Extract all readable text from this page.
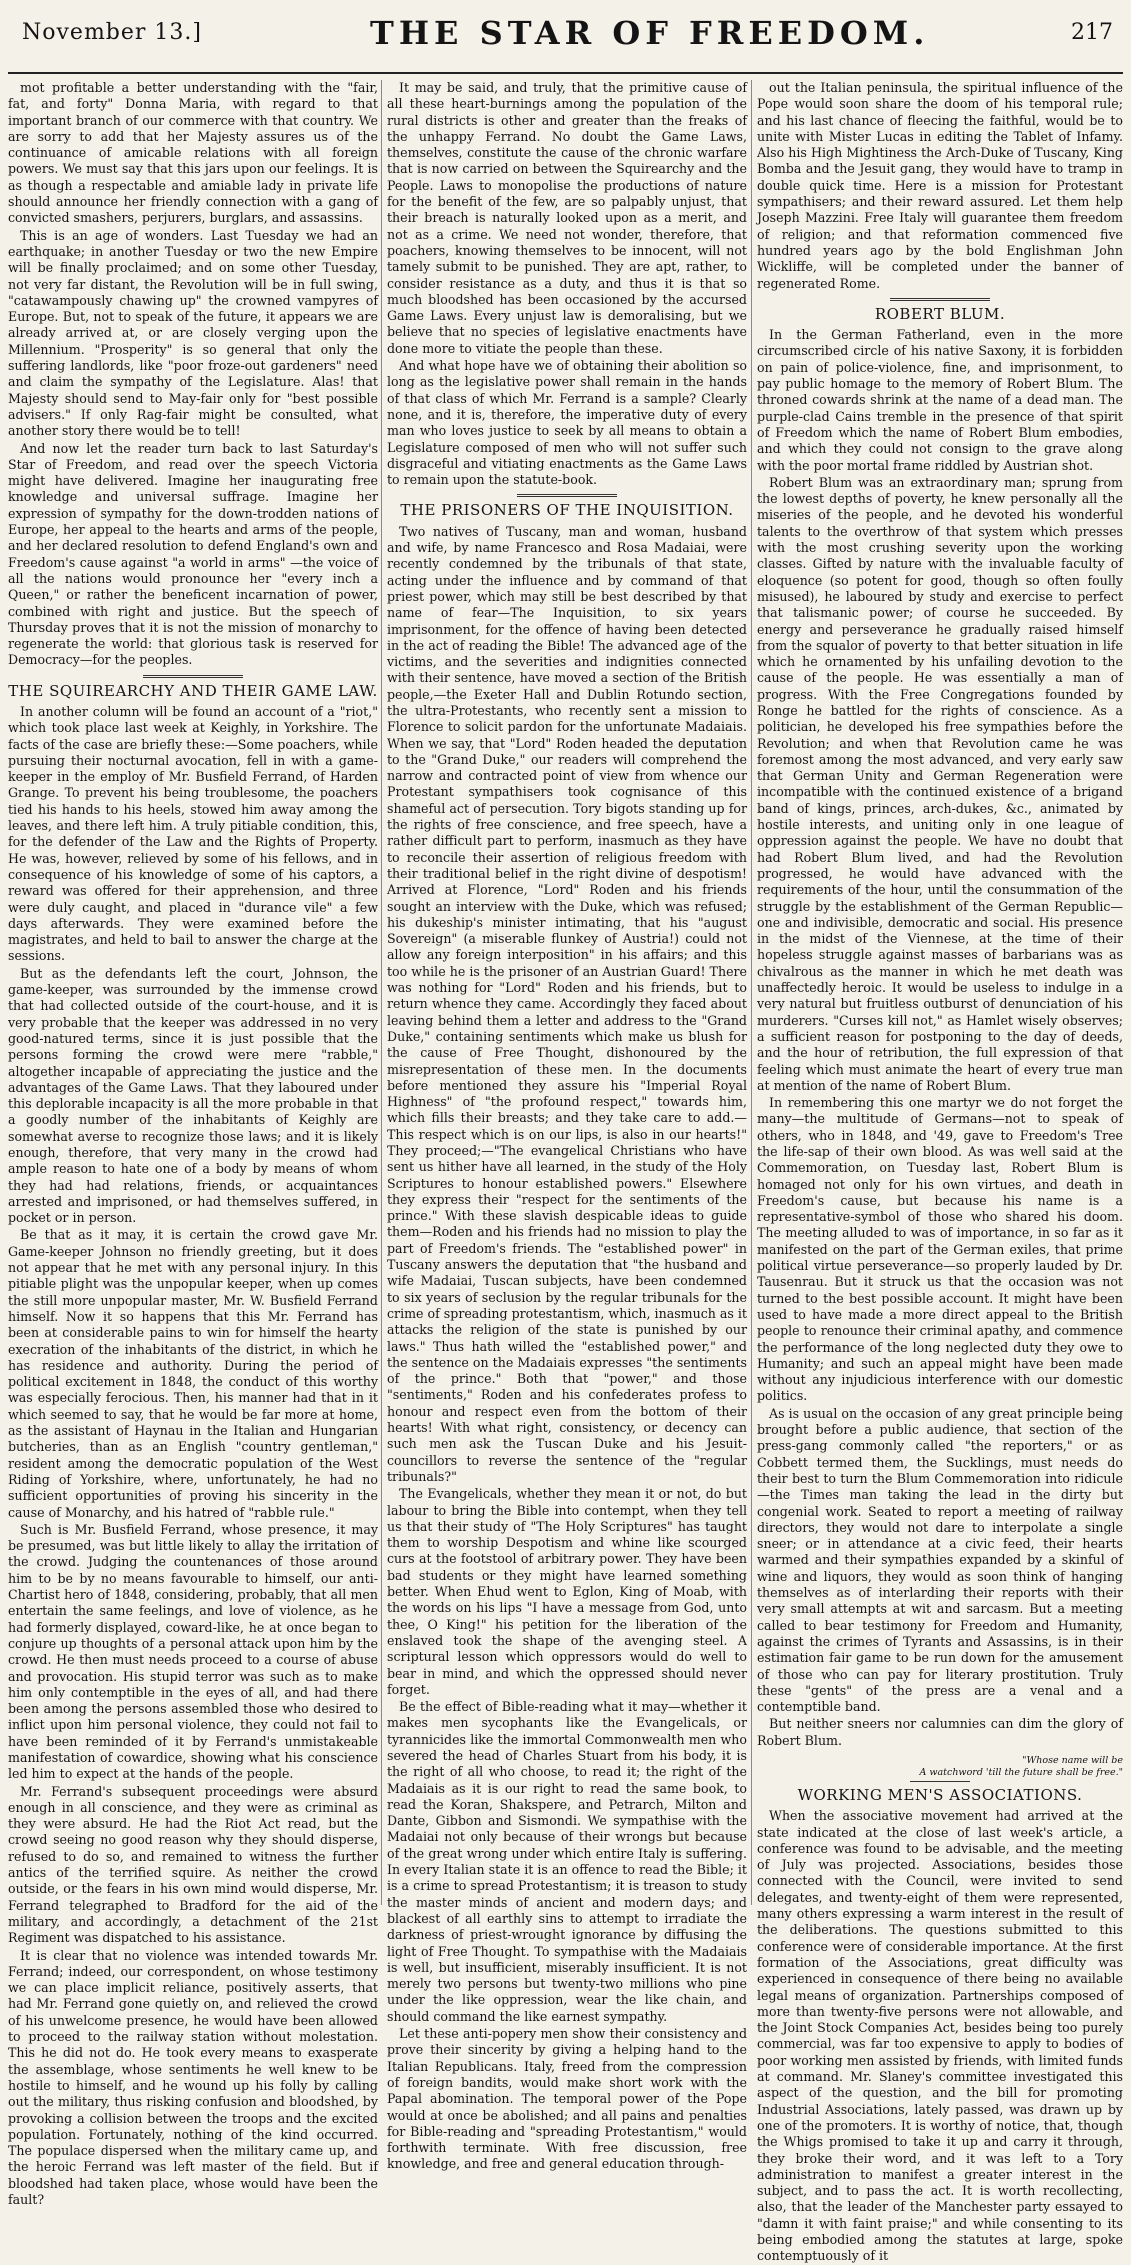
November 13.]	THE STAR OF FREEDOM.	217

mot profitable a better understanding with the "fair, fat, and forty" Donna Maria, with regard to that important branch of our commerce with that country. We are sorry to add that her Majesty assures us of the continuance of amicable relations with all foreign powers. We must say that this jars upon our feelings. It is as though a respectable and amiable lady in private life should announce her friendly connection with a gang of convicted smashers, perjurers, burglars, and assassins.

This is an age of wonders. Last Tuesday we had an earthquake; in another Tuesday or two the new Empire will be finally proclaimed; and on some other Tuesday, not very far distant, the Revolution will be in full swing, "catawampously chawing up" the crowned vampyres of Europe. But, not to speak of the future, it appears we are already arrived at, or are closely verging upon the Millennium. "Prosperity" is so general that only the suffering landlords, like "poor froze-out gardeners" need and claim the sympathy of the Legislature. Alas! that Majesty should send to May-fair only for "best possible advisers." If only Rag-fair might be consulted, what another story there would be to tell!

And now let the reader turn back to last Saturday's Star of Freedom, and read over the speech Victoria might have delivered. Imagine her inaugurating free knowledge and universal suffrage. Imagine her expression of sympathy for the down-trodden nations of Europe, her appeal to the hearts and arms of the people, and her declared resolution to defend England's own and Freedom's cause against "a world in arms" —the voice of all the nations would pronounce her "every inch a Queen," or rather the beneficent incarnation of power, combined with right and justice. But the speech of Thursday proves that it is not the mission of monarchy to regenerate the world: that glorious task is reserved for Democracy—for the peoples.

THE SQUIREARCHY AND THEIR GAME LAW.

In another column will be found an account of a "riot," which took place last week at Keighly, in Yorkshire. The facts of the case are briefly these:—Some poachers, while pursuing their nocturnal avocation, fell in with a game-keeper in the employ of Mr. Busfield Ferrand, of Harden Grange. To prevent his being troublesome, the poachers tied his hands to his heels, stowed him away among the leaves, and there left him. A truly pitiable condition, this, for the defender of the Law and the Rights of Property. He was, however, relieved by some of his fellows, and in consequence of his knowledge of some of his captors, a reward was offered for their apprehension, and three were duly caught, and placed in "durance vile" a few days afterwards. They were examined before the magistrates, and held to bail to answer the charge at the sessions.

But as the defendants left the court, Johnson, the game-keeper, was surrounded by the immense crowd that had collected outside of the court-house, and it is very probable that the keeper was addressed in no very good-natured terms, since it is just possible that the persons forming the crowd were mere "rabble," altogether incapable of appreciating the justice and the advantages of the Game Laws. That they laboured under this deplorable incapacity is all the more probable in that a goodly number of the inhabitants of Keighly are somewhat averse to recognize those laws; and it is likely enough, therefore, that very many in the crowd had ample reason to hate one of a body by means of whom they had had relations, friends, or acquaintances arrested and imprisoned, or had themselves suffered, in pocket or in person.

Be that as it may, it is certain the crowd gave Mr. Game-keeper Johnson no friendly greeting, but it does not appear that he met with any personal injury. In this pitiable plight was the unpopular keeper, when up comes the still more unpopular master, Mr. W. Busfield Ferrand himself. Now it so happens that this Mr. Ferrand has been at considerable pains to win for himself the hearty execration of the inhabitants of the district, in which he has residence and authority. During the period of political excitement in 1848, the conduct of this worthy was especially ferocious. Then, his manner had that in it which seemed to say, that he would be far more at home, as the assistant of Haynau in the Italian and Hungarian butcheries, than as an English "country gentleman," resident among the democratic population of the West Riding of Yorkshire, where, unfortunately, he had no sufficient opportunities of proving his sincerity in the cause of Monarchy, and his hatred of "rabble rule."

Such is Mr. Busfield Ferrand, whose presence, it may be presumed, was but little likely to allay the irritation of the crowd. Judging the countenances of those around him to be by no means favourable to himself, our anti-Chartist hero of 1848, considering, probably, that all men entertain the same feelings, and love of violence, as he had formerly displayed, coward-like, he at once began to conjure up thoughts of a personal attack upon him by the crowd. He then must needs proceed to a course of abuse and provocation. His stupid terror was such as to make him only contemptible in the eyes of all, and had there been among the persons assembled those who desired to inflict upon him personal violence, they could not fail to have been reminded of it by Ferrand's unmistakeable manifestation of cowardice, showing what his conscience led him to expect at the hands of the people.

Mr. Ferrand's subsequent proceedings were absurd enough in all conscience, and they were as criminal as they were absurd. He had the Riot Act read, but the crowd seeing no good reason why they should disperse, refused to do so, and remained to witness the further antics of the terrified squire. As neither the crowd outside, or the fears in his own mind would disperse, Mr. Ferrand telegraphed to Bradford for the aid of the military, and accordingly, a detachment of the 21st Regiment was dispatched to his assistance.

It is clear that no violence was intended towards Mr. Ferrand; indeed, our correspondent, on whose testimony we can place implicit reliance, positively asserts, that had Mr. Ferrand gone quietly on, and relieved the crowd of his unwelcome presence, he would have been allowed to proceed to the railway station without molestation. This he did not do. He took every means to exasperate the assemblage, whose sentiments he well knew to be hostile to himself, and he wound up his folly by calling out the military, thus risking confusion and bloodshed, by provoking a collision between the troops and the excited population. Fortunately, nothing of the kind occurred. The populace dispersed when the military came up, and the heroic Ferrand was left master of the field. But if bloodshed had taken place, whose would have been the fault?

It may be said, and truly, that the primitive cause of all these heart-burnings among the population of the rural districts is other and greater than the freaks of the unhappy Ferrand. No doubt the Game Laws, themselves, constitute the cause of the chronic warfare that is now carried on between the Squirearchy and the People. Laws to monopolise the productions of nature for the benefit of the few, are so palpably unjust, that their breach is naturally looked upon as a merit, and not as a crime. We need not wonder, therefore, that poachers, knowing themselves to be innocent, will not tamely submit to be punished. They are apt, rather, to consider resistance as a duty, and thus it is that so much bloodshed has been occasioned by the accursed Game Laws. Every unjust law is demoralising, but we believe that no species of legislative enactments have done more to vitiate the people than these.

And what hope have we of obtaining their abolition so long as the legislative power shall remain in the hands of that class of which Mr. Ferrand is a sample? Clearly none, and it is, therefore, the imperative duty of every man who loves justice to seek by all means to obtain a Legislature composed of men who will not suffer such disgraceful and vitiating enactments as the Game Laws to remain upon the statute-book.

THE PRISONERS OF THE INQUISITION.

Two natives of Tuscany, man and woman, husband and wife, by name Francesco and Rosa Madaiai, were recently condemned by the tribunals of that state, acting under the influence and by command of that priest power, which may still be best described by that name of fear—The Inquisition, to six years imprisonment, for the offence of having been detected in the act of reading the Bible! The advanced age of the victims, and the severities and indignities connected with their sentence, have moved a section of the British people,—the Exeter Hall and Dublin Rotundo section, the ultra-Protestants, who recently sent a mission to Florence to solicit pardon for the unfortunate Madaiais. When we say, that "Lord" Roden headed the deputation to the "Grand Duke," our readers will comprehend the narrow and contracted point of view from whence our Protestant sympathisers took cognisance of this shameful act of persecution. Tory bigots standing up for the rights of free conscience, and free speech, have a rather difficult part to perform, inasmuch as they have to reconcile their assertion of religious freedom with their traditional belief in the right divine of despotism! Arrived at Florence, "Lord" Roden and his friends sought an interview with the Duke, which was refused; his dukeship's minister intimating, that his "august Sovereign" (a miserable flunkey of Austria!) could not allow any foreign interposition" in his affairs; and this too while he is the prisoner of an Austrian Guard! There was nothing for "Lord" Roden and his friends, but to return whence they came. Accordingly they faced about leaving behind them a letter and address to the "Grand Duke," containing sentiments which make us blush for the cause of Free Thought, dishonoured by the misrepresentation of these men. In the documents before mentioned they assure his "Imperial Royal Highness" of "the profound respect," towards him, which fills their breasts; and they take care to add.—This respect which is on our lips, is also in our hearts!" They proceed;—"The evangelical Christians who have sent us hither have all learned, in the study of the Holy Scriptures to honour established powers." Elsewhere they express their "respect for the sentiments of the prince." With these slavish despicable ideas to guide them—Roden and his friends had no mission to play the part of Freedom's friends. The "established power" in Tuscany answers the deputation that "the husband and wife Madaiai, Tuscan subjects, have been condemned to six years of seclusion by the regular tribunals for the crime of spreading protestantism, which, inasmuch as it attacks the religion of the state is punished by our laws." Thus hath willed the "established power," and the sentence on the Madaiais expresses "the sentiments of the prince." Both that "power," and those "sentiments," Roden and his confederates profess to honour and respect even from the bottom of their hearts! With what right, consistency, or decency can such men ask the Tuscan Duke and his Jesuit-councillors to reverse the sentence of the "regular tribunals?"

The Evangelicals, whether they mean it or not, do but labour to bring the Bible into contempt, when they tell us that their study of "The Holy Scriptures" has taught them to worship Despotism and whine like scourged curs at the footstool of arbitrary power. They have been bad students or they might have learned something better. When Ehud went to Eglon, King of Moab, with the words on his lips "I have a message from God, unto thee, O King!" his petition for the liberation of the enslaved took the shape of the avenging steel. A scriptural lesson which oppressors would do well to bear in mind, and which the oppressed should never forget.

Be the effect of Bible-reading what it may—whether it makes men sycophants like the Evangelicals, or tyrannicides like the immortal Commonwealth men who severed the head of Charles Stuart from his body, it is the right of all who choose, to read it; the right of the Madaiais as it is our right to read the same book, to read the Koran, Shakspere, and Petrarch, Milton and Dante, Gibbon and Sismondi. We sympathise with the Madaiai not only because of their wrongs but because of the great wrong under which entire Italy is suffering. In every Italian state it is an offence to read the Bible; it is a crime to spread Protestantism; it is treason to study the master minds of ancient and modern days; and blackest of all earthly sins to attempt to irradiate the darkness of priest-wrought ignorance by diffusing the light of Free Thought. To sympathise with the Madaiais is well, but insufficient, miserably insufficient. It is not merely two persons but twenty-two millions who pine under the like oppression, wear the like chain, and should command the like earnest sympathy.

Let these anti-popery men show their consistency and prove their sincerity by giving a helping hand to the Italian Republicans. Italy, freed from the compression of foreign bandits, would make short work with the Papal abomination. The temporal power of the Pope would at once be abolished; and all pains and penalties for Bible-reading and "spreading Protestantism," would forthwith terminate. With free discussion, free knowledge, and free and general education through-

out the Italian peninsula, the spiritual influence of the Pope would soon share the doom of his temporal rule; and his last chance of fleecing the faithful, would be to unite with Mister Lucas in editing the Tablet of Infamy. Also his High Mightiness the Arch-Duke of Tuscany, King Bomba and the Jesuit gang, they would have to tramp in double quick time. Here is a mission for Protestant sympathisers; and their reward assured. Let them help Joseph Mazzini. Free Italy will guarantee them freedom of religion; and that reformation commenced five hundred years ago by the bold Englishman John Wickliffe, will be completed under the banner of regenerated Rome.

ROBERT BLUM.

In the German Fatherland, even in the more circumscribed circle of his native Saxony, it is forbidden on pain of police-violence, fine, and imprisonment, to pay public homage to the memory of Robert Blum. The throned cowards shrink at the name of a dead man. The purple-clad Cains tremble in the presence of that spirit of Freedom which the name of Robert Blum embodies, and which they could not consign to the grave along with the poor mortal frame riddled by Austrian shot.

Robert Blum was an extraordinary man; sprung from the lowest depths of poverty, he knew personally all the miseries of the people, and he devoted his wonderful talents to the overthrow of that system which presses with the most crushing severity upon the working classes. Gifted by nature with the invaluable faculty of eloquence (so potent for good, though so often foully misused), he laboured by study and exercise to perfect that talismanic power; of course he succeeded. By energy and perseverance he gradually raised himself from the squalor of poverty to that better situation in life which he ornamented by his unfailing devotion to the cause of the people. He was essentially a man of progress. With the Free Congregations founded by Ronge he battled for the rights of conscience. As a politician, he developed his free sympathies before the Revolution; and when that Revolution came he was foremost among the most advanced, and very early saw that German Unity and German Regeneration were incompatible with the continued existence of a brigand band of kings, princes, arch-dukes, &c., animated by hostile interests, and uniting only in one league of oppression against the people. We have no doubt that had Robert Blum lived, and had the Revolution progressed, he would have advanced with the requirements of the hour, until the consummation of the struggle by the establishment of the German Republic—one and indivisible, democratic and social. His presence in the midst of the Viennese, at the time of their hopeless struggle against masses of barbarians was as chivalrous as the manner in which he met death was unaffectedly heroic. It would be useless to indulge in a very natural but fruitless outburst of denunciation of his murderers. "Curses kill not," as Hamlet wisely observes; a sufficient reason for postponing to the day of deeds, and the hour of retribution, the full expression of that feeling which must animate the heart of every true man at mention of the name of Robert Blum.

In remembering this one martyr we do not forget the many—the multitude of Germans—not to speak of others, who in 1848, and '49, gave to Freedom's Tree the life-sap of their own blood. As was well said at the Commemoration, on Tuesday last, Robert Blum is homaged not only for his own virtues, and death in Freedom's cause, but because his name is a representative-symbol of those who shared his doom. The meeting alluded to was of importance, in so far as it manifested on the part of the German exiles, that prime political virtue perseverance—so properly lauded by Dr. Tausenrau. But it struck us that the occasion was not turned to the best possible account. It might have been used to have made a more direct appeal to the British people to renounce their criminal apathy, and commence the performance of the long neglected duty they owe to Humanity; and such an appeal might have been made without any injudicious interference with our domestic politics.

As is usual on the occasion of any great principle being brought before a public audience, that section of the press-gang commonly called "the reporters," or as Cobbett termed them, the Sucklings, must needs do their best to turn the Blum Commemoration into ridicule—the Times man taking the lead in the dirty but congenial work. Seated to report a meeting of railway directors, they would not dare to interpolate a single sneer; or in attendance at a civic feed, their hearts warmed and their sympathies expanded by a skinful of wine and liquors, they would as soon think of hanging themselves as of interlarding their reports with their very small attempts at wit and sarcasm. But a meeting called to bear testimony for Freedom and Humanity, against the crimes of Tyrants and Assassins, is in their estimation fair game to be run down for the amusement of those who can pay for literary prostitution. Truly these "gents" of the press are a venal and a contemptible band.

But neither sneers nor calumnies can dim the glory of Robert Blum.

"Whose name will be
A watchword 'till the future shall be free."
WORKING MEN'S ASSOCIATIONS.

When the associative movement had arrived at the state indicated at the close of last week's article, a conference was found to be advisable, and the meeting of July was projected. Associations, besides those connected with the Council, were invited to send delegates, and twenty-eight of them were represented, many others expressing a warm interest in the result of the deliberations. The questions submitted to this conference were of considerable importance. At the first formation of the Associations, great difficulty was experienced in consequence of there being no available legal means of organization. Partnerships composed of more than twenty-five persons were not allowable, and the Joint Stock Companies Act, besides being too purely commercial, was far too expensive to apply to bodies of poor working men assisted by friends, with limited funds at command. Mr. Slaney's committee investigated this aspect of the question, and the bill for promoting Industrial Associations, lately passed, was drawn up by one of the promoters. It is worthy of notice, that, though the Whigs promised to take it up and carry it through, they broke their word, and it was left to a Tory administration to manifest a greater interest in the subject, and to pass the act. It is worth recollecting, also, that the leader of the Manchester party essayed to "damn it with faint praise;" and while consenting to its being embodied among the statutes at large, spoke contemptuously of it
